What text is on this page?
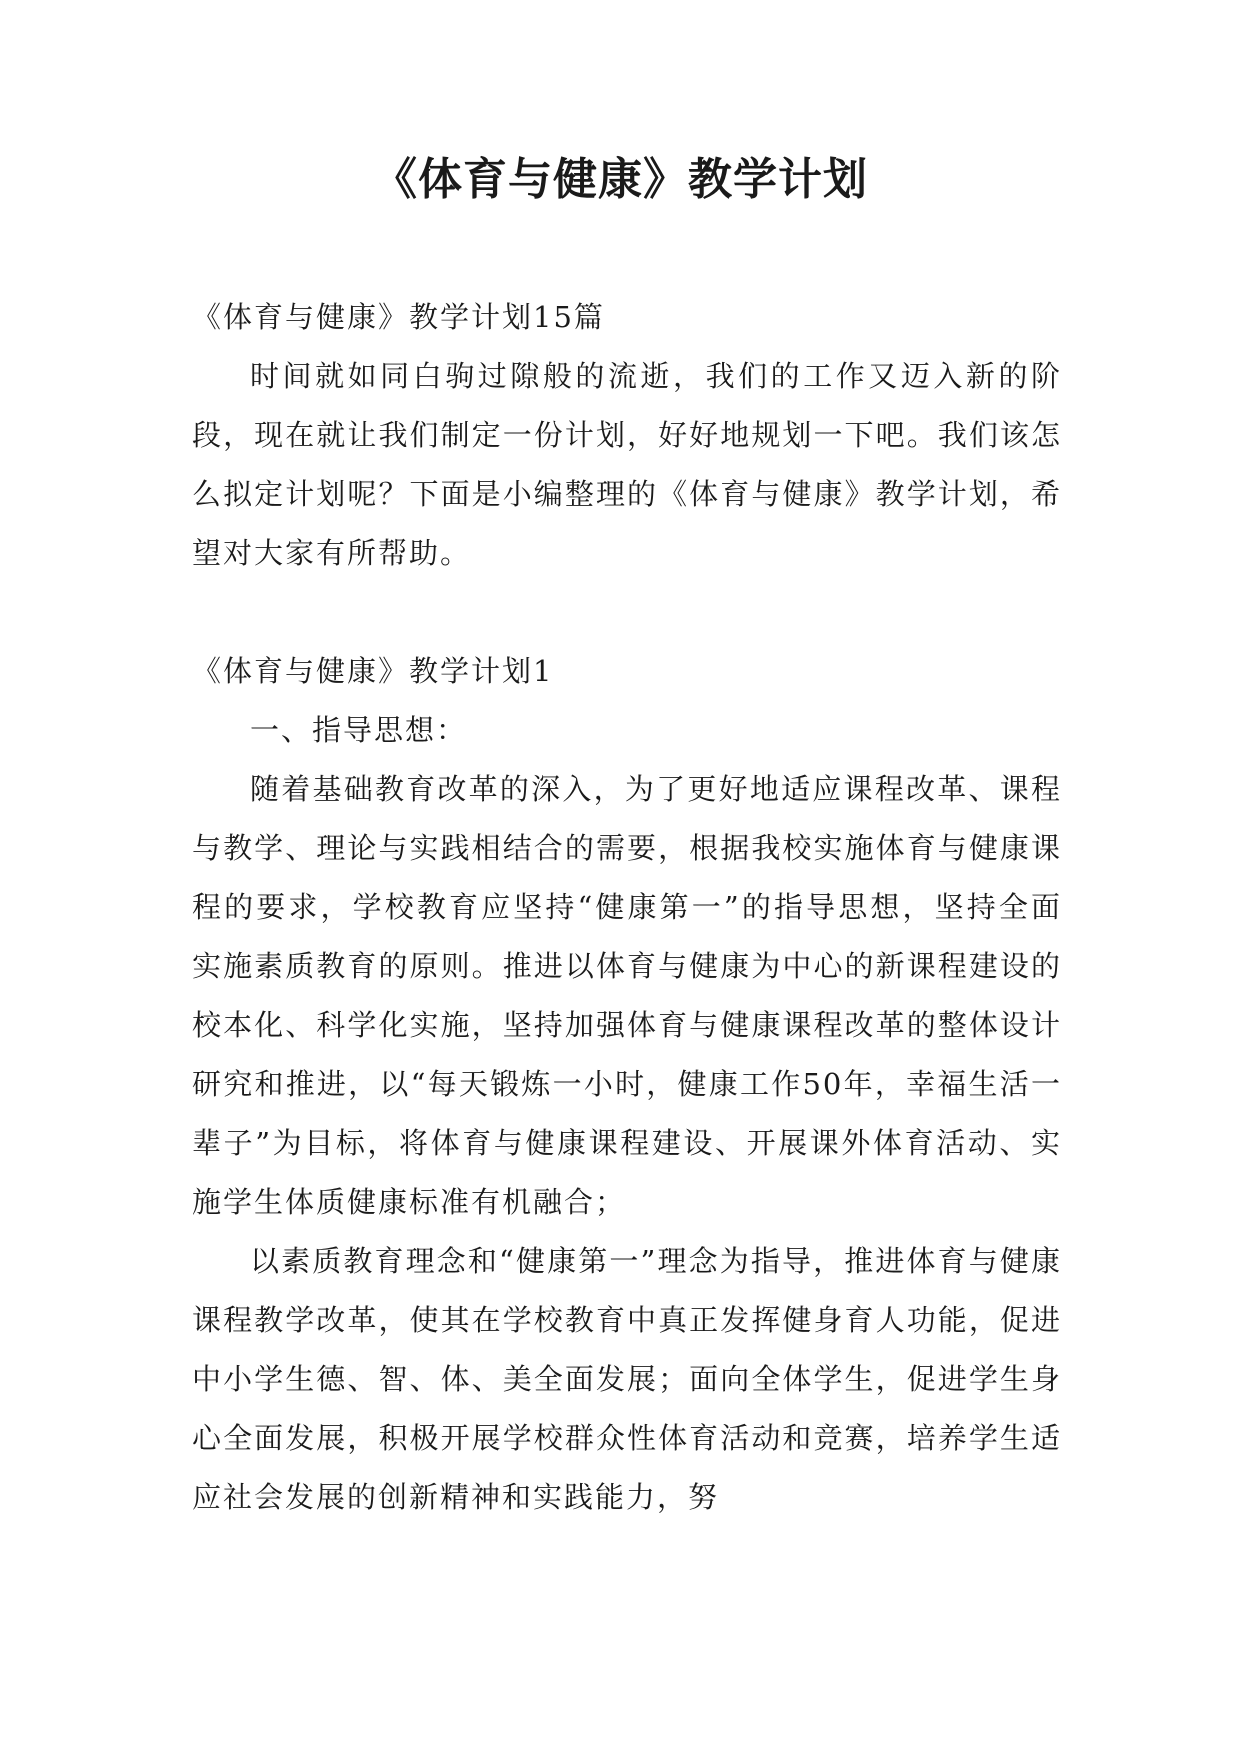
《体育与健康》教学计划

《体育与健康》教学计划15篇

时间就如同白驹过隙般的流逝，我们的工作又迈入新的阶段，现在就让我们制定一份计划，好好地规划一下吧。我们该怎么拟定计划呢？下面是小编整理的《体育与健康》教学计划，希望对大家有所帮助。

《体育与健康》教学计划1

一、指导思想：

随着基础教育改革的深入，为了更好地适应课程改革、课程与教学、理论与实践相结合的需要，根据我校实施体育与健康课程的要求，学校教育应坚持“健康第一”的指导思想，坚持全面实施素质教育的原则。推进以体育与健康为中心的新课程建设的校本化、科学化实施，坚持加强体育与健康课程改革的整体设计研究和推进，以“每天锻炼一小时，健康工作50年，幸福生活一辈子”为目标，将体育与健康课程建设、开展课外体育活动、实施学生体质健康标准有机融合；

以素质教育理念和“健康第一”理念为指导，推进体育与健康课程教学改革，使其在学校教育中真正发挥健身育人功能，促进中小学生德、智、体、美全面发展；面向全体学生，促进学生身心全面发展，积极开展学校群众性体育活动和竞赛，培养学生适应社会发展的创新精神和实践能力，努
